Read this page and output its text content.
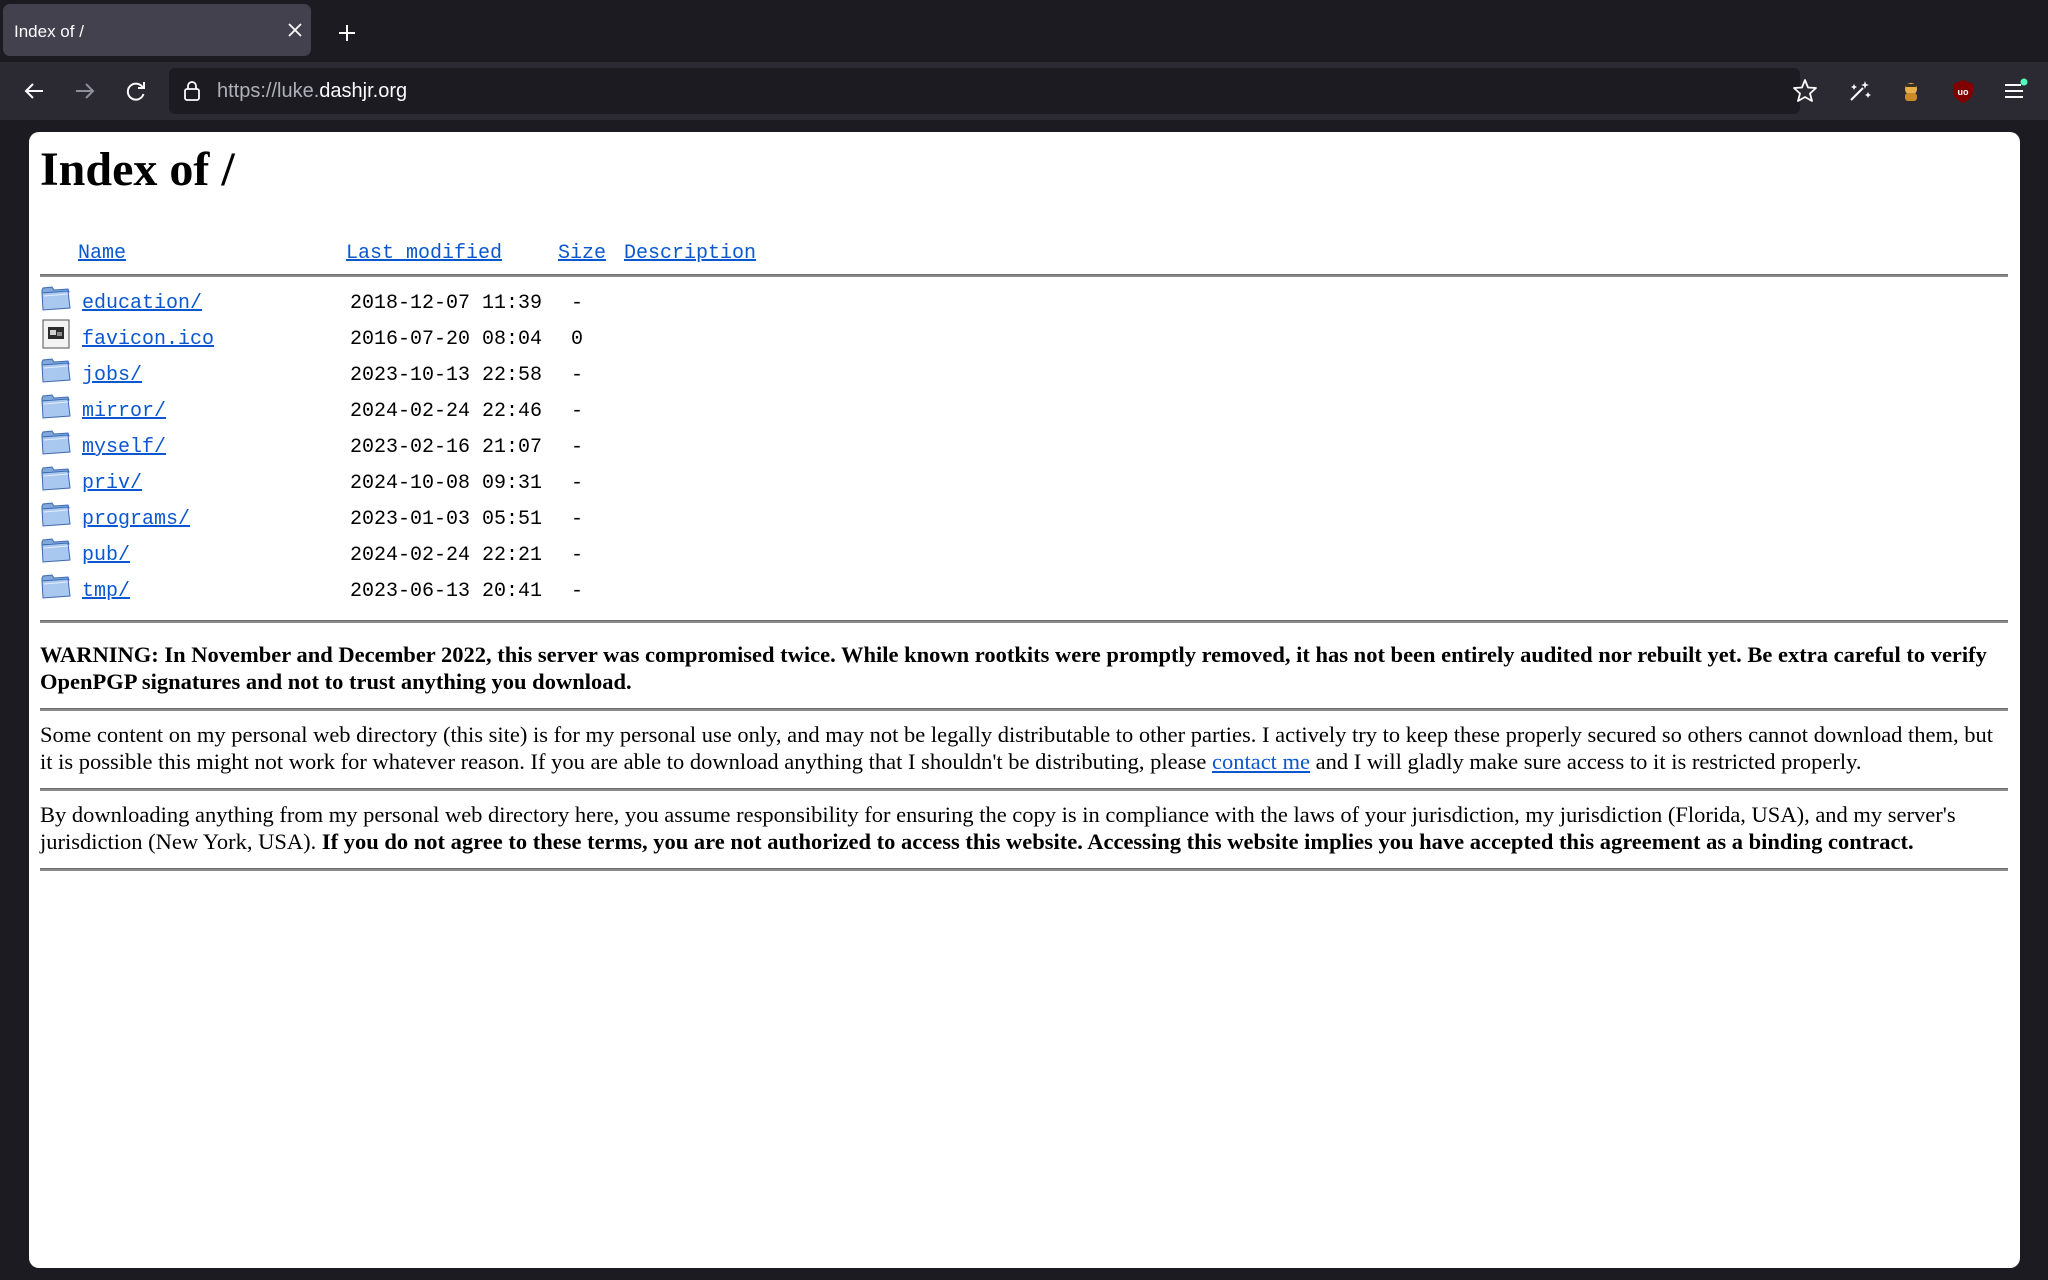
Index of /
https://luke.dashjr.org	uo
Index of /
Name	Last modified	Size Description
education/	2018-12-07 11:39 -
favicon.ico	2016-07-20 08:04 0
jobs/	2023-10-13 22:58 -
mirror/	2024-02-24 22:46 -
myself/	2023-02-16 21:07 -
priv/	2024-10-08 09:31 -
programs/	2023-01-03 05:51 -
pub/	2024-02-24 22:21 -
tmp/	2023-06-13 20:41 -
WARNING: In November and December 2022, this server was compromised twice. While known rootkits were promptly removed, it has not been entirely audited nor rebuilt yet. Be extra careful to verify OpenPGP signatures and not to trust anything you download.
Some content on my personal web directory (this site) is for my personal use only, and may not be legally distributable to other parties. I actively try to keep these properly secured so others cannot download them, but it is possible this might not work for whatever reason. If you are able to download anything that I shouldn't be distributing, please contact me and I will gladly make sure access to it is restricted properly.
By downloading anything from my personal web directory here, you assume responsibility for ensuring the copy is in compliance with the laws of your jurisdiction, my jurisdiction (Florida, USA), and my server's jurisdiction (New York, USA). If you do not agree to these terms, you are not authorized to access this website. Accessing this website implies you have accepted this agreement as a binding contract.
